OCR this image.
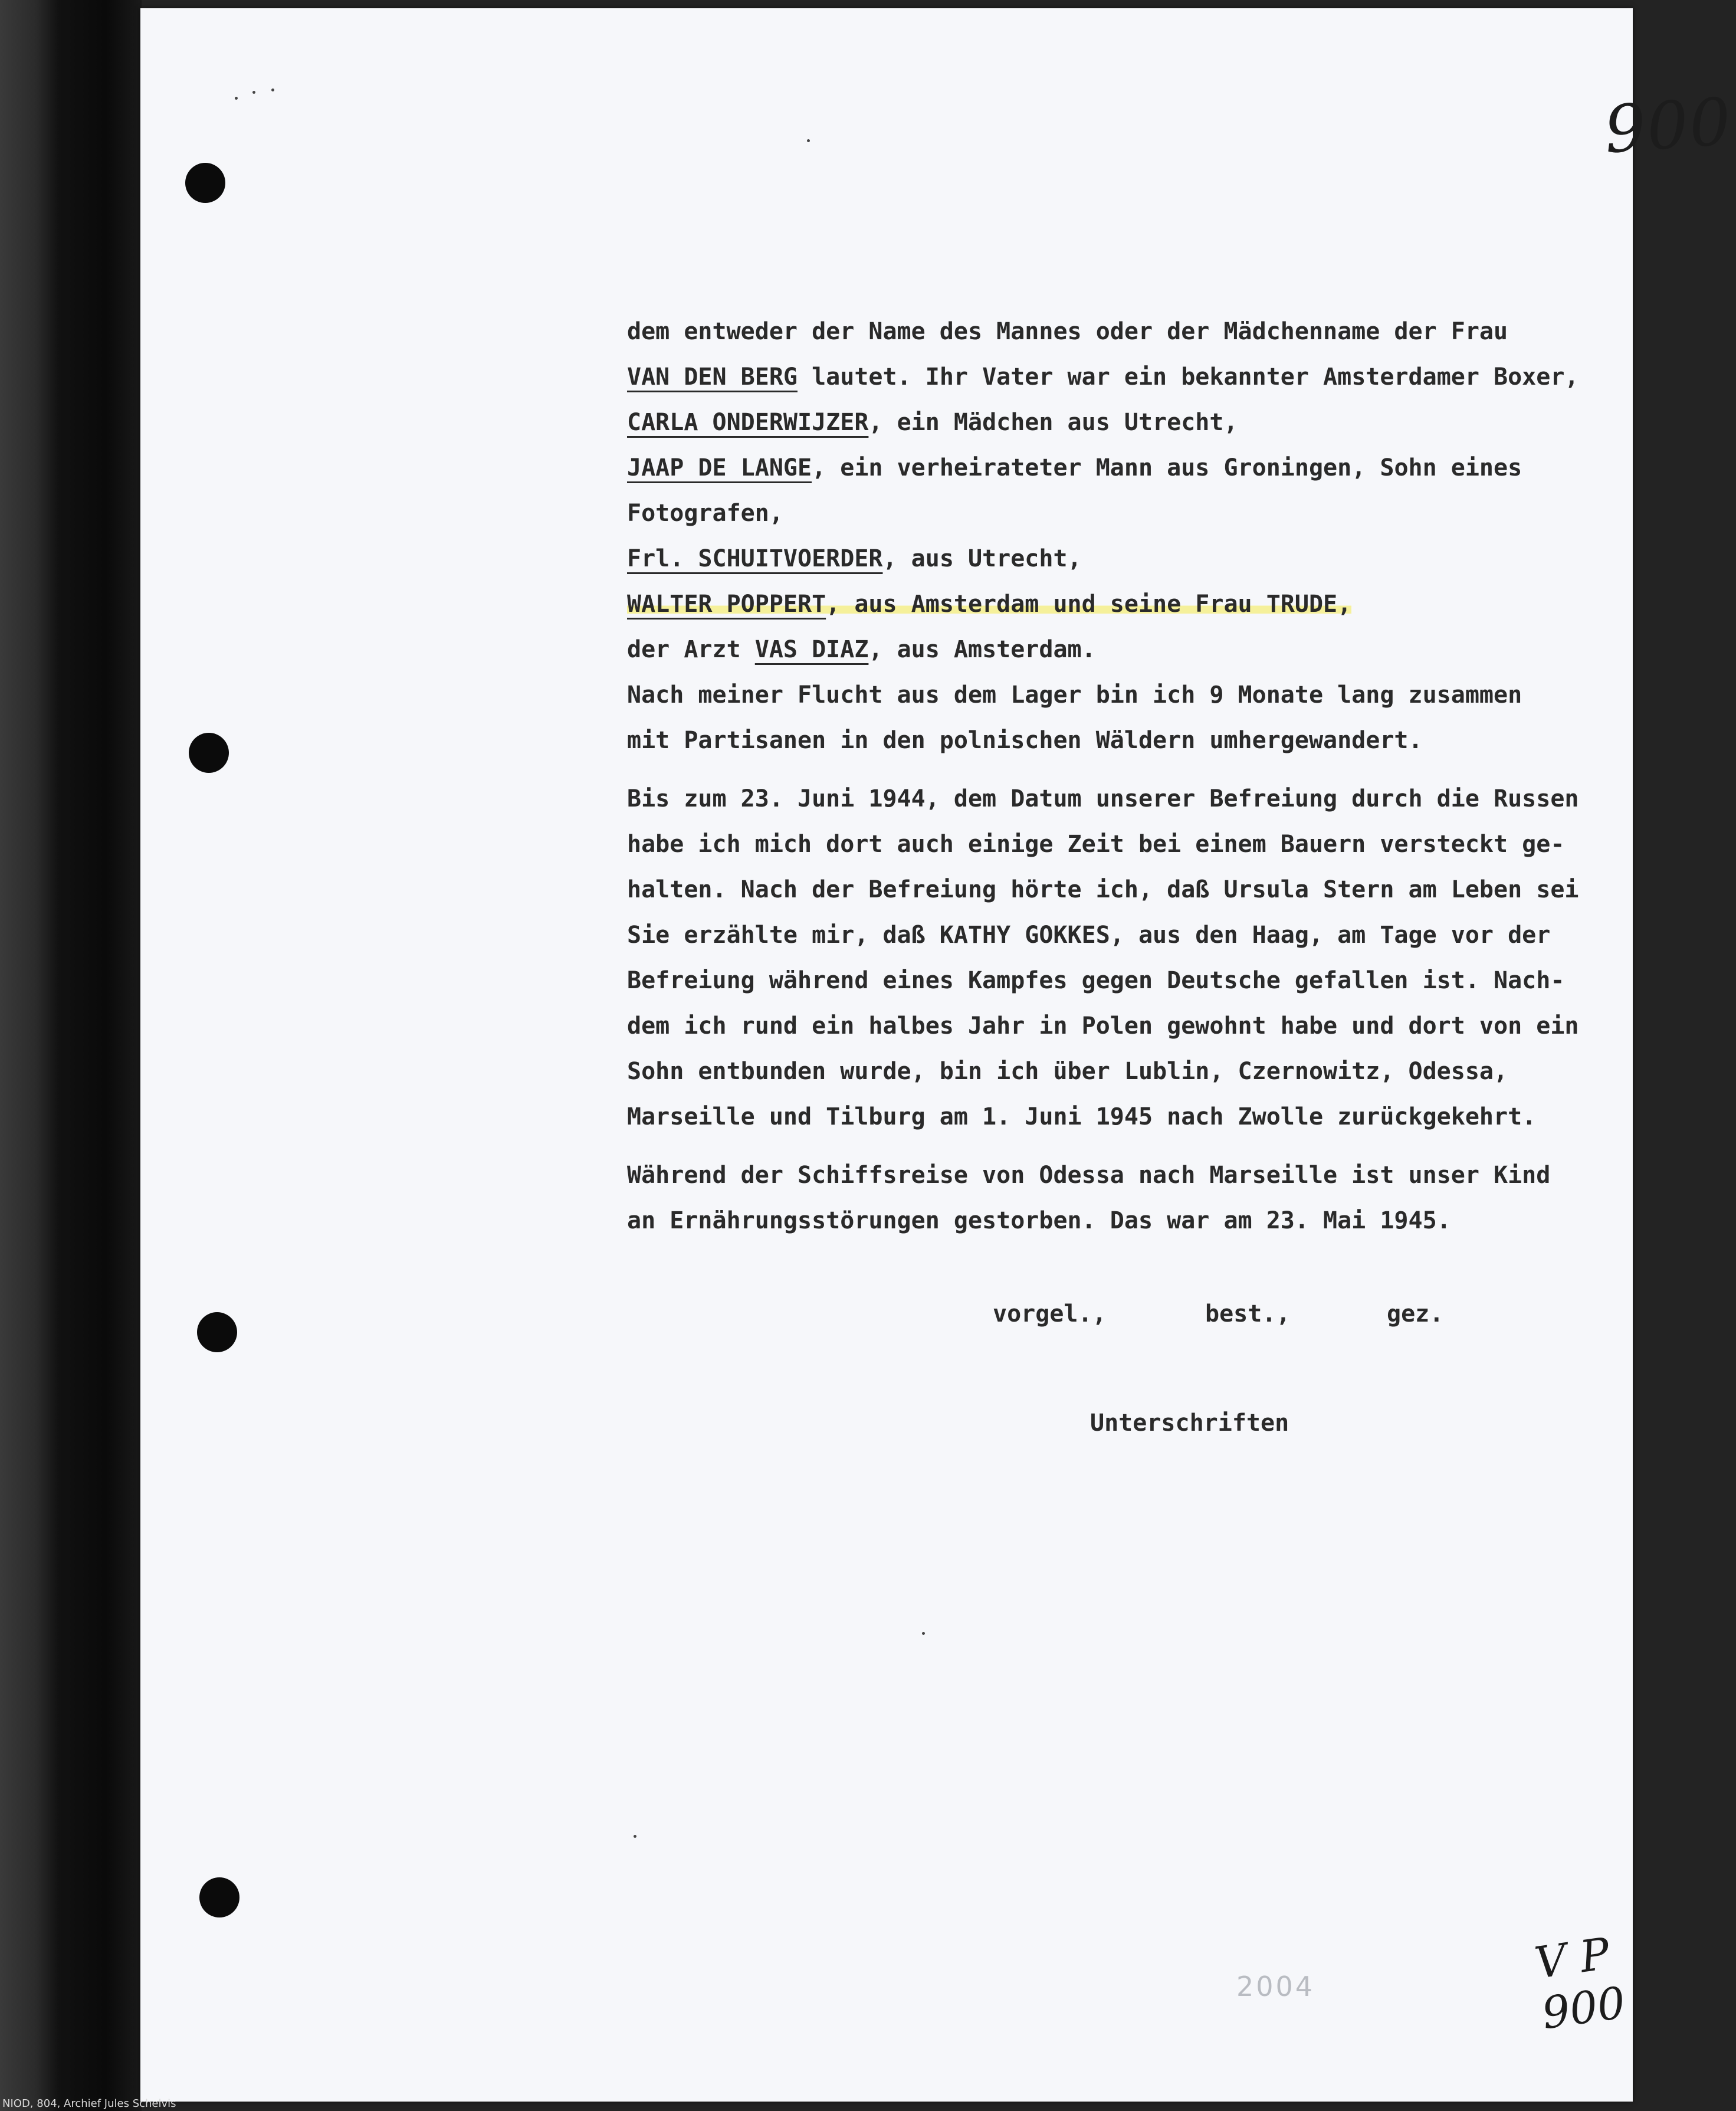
900
dem entweder der Name des Mannes oder der Mädchenname der Frau
VAN DEN BERG lautet. Ihr Vater war ein bekannter Amsterdamer Boxer,
CARLA ONDERWIJZER, ein Mädchen aus Utrecht,
JAAP DE LANGE, ein verheirateter Mann aus Groningen, Sohn eines
Fotografen,
Frl. SCHUITVOERDER, aus Utrecht,
WALTER POPPERT, aus Amsterdam und seine Frau TRUDE,
der Arzt VAS DIAZ, aus Amsterdam.
Nach meiner Flucht aus dem Lager bin ich 9 Monate lang zusammen
mit Partisanen in den polnischen Wäldern umhergewandert.
Bis zum 23. Juni 1944, dem Datum unserer Befreiung durch die Russen
habe ich mich dort auch einige Zeit bei einem Bauern versteckt ge-
halten. Nach der Befreiung hörte ich, daß Ursula Stern am Leben sei
Sie erzählte mir, daß KATHY GOKKES, aus den Haag, am Tage vor der
Befreiung während eines Kampfes gegen Deutsche gefallen ist. Nach-
dem ich rund ein halbes Jahr in Polen gewohnt habe und dort von ein
Sohn entbunden wurde, bin ich über Lublin, Czernowitz, Odessa,
Marseille und Tilburg am 1. Juni 1945 nach Zwolle zurückgekehrt.
Während der Schiffsreise von Odessa nach Marseille ist unser Kind
an Ernährungsstörungen gestorben. Das war am 23. Mai 1945.
vorgel.,	best.,	gez.
Unterschriften
2004	V P 900
NIOD, 804, Archief Jules Schelvis
